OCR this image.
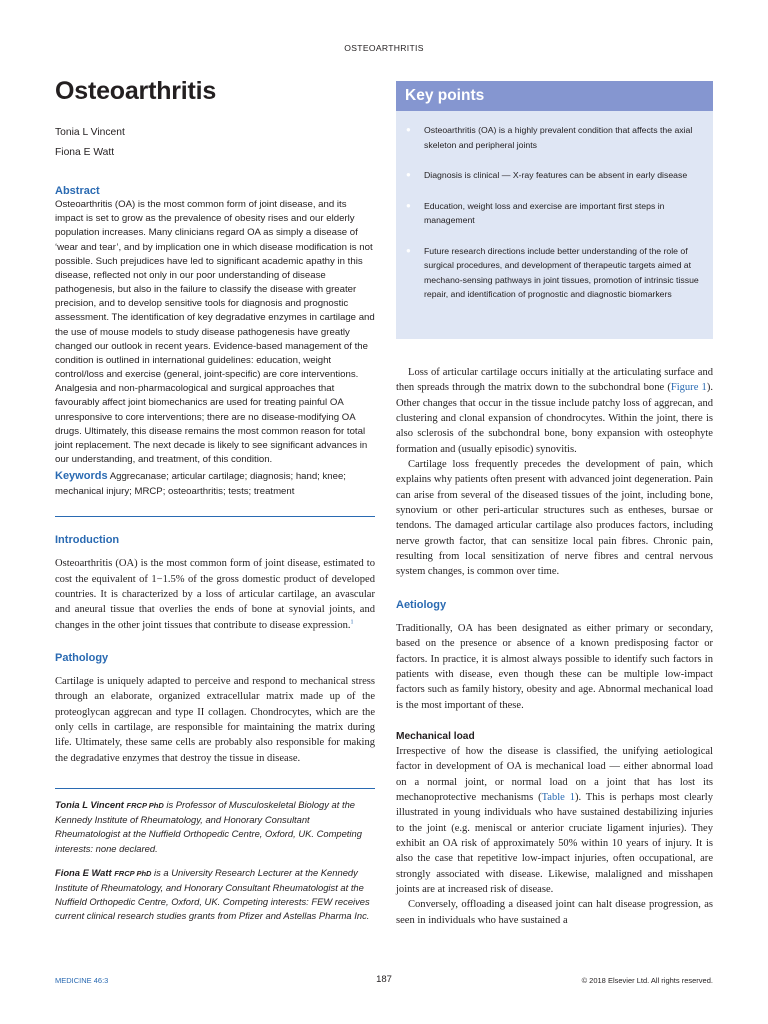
OSTEOARTHRITIS
Osteoarthritis
Tonia L Vincent
Fiona E Watt
Abstract

Osteoarthritis (OA) is the most common form of joint disease, and its impact is set to grow as the prevalence of obesity rises and our elderly population increases. Many clinicians regard OA as simply a disease of ‘wear and tear’, and by implication one in which disease modification is not possible. Such prejudices have led to significant academic apathy in this disease, reflected not only in our poor understanding of disease pathogenesis, but also in the failure to classify the disease with greater precision, and to develop sensitive tools for diagnosis and prognostic assessment. The identification of key degradative enzymes in cartilage and the use of mouse models to study disease pathogenesis have greatly changed our outlook in recent years. Evidence-based management of the condition is outlined in international guidelines: education, weight control/loss and exercise (general, joint-specific) are core interventions. Analgesia and non-pharmacological and surgical approaches that favourably affect joint biomechanics are used for treating painful OA unresponsive to core interventions; there are no disease-modifying OA drugs. Ultimately, this disease remains the most common reason for total joint replacement. The next decade is likely to see significant advances in our understanding, and treatment, of this condition.

Keywords Aggrecanase; articular cartilage; diagnosis; hand; knee; mechanical injury; MRCP; osteoarthritis; tests; treatment

Introduction

Osteoarthritis (OA) is the most common form of joint disease, estimated to cost the equivalent of 1−1.5% of the gross domestic product of developed countries. It is characterized by a loss of articular cartilage, an avascular and aneural tissue that overlies the ends of bone at synovial joints, and changes in the other joint tissues that contribute to disease expression.$^1$

Pathology

Cartilage is uniquely adapted to perceive and respond to mechanical stress through an elaborate, organized extracellular matrix made up of the proteoglycan aggrecan and type II collagen. Chondrocytes, which are the only cells in cartilage, are responsible for maintaining the matrix during life. Ultimately, these same cells are probably also responsible for making the degradative enzymes that destroy the tissue in disease.

Tonia L Vincent FRCP PhD is Professor of Musculoskeletal Biology at the Kennedy Institute of Rheumatology, and Honorary Consultant Rheumatologist at the Nuffield Orthopedic Centre, Oxford, UK. Competing interests: none declared.

Fiona E Watt FRCP PhD is a University Research Lecturer at the Kennedy Institute of Rheumatology, and Honorary Consultant Rheumatologist at the Nuffield Orthopedic Centre, Oxford, UK. Competing interests: FEW receives current clinical research studies grants from Pfizer and Astellas Pharma Inc.

Key points
● Osteoarthritis (OA) is a highly prevalent condition that affects the axial skeleton and peripheral joints
● Diagnosis is clinical — X-ray features can be absent in early disease
● Education, weight loss and exercise are important first steps in management
● Future research directions include better understanding of the role of surgical procedures, and development of therapeutic targets aimed at mechano-sensing pathways in joint tissues, promotion of intrinsic tissue repair, and identification of prognostic and diagnostic biomarkers

Loss of articular cartilage occurs initially at the articulating surface and then spreads through the matrix down to the subchondral bone (Figure 1). Other changes that occur in the tissue include patchy loss of aggrecan, and clustering and clonal expansion of chondrocytes. Within the joint, there is also sclerosis of the subchondral bone, bony expansion with osteophyte formation and (usually episodic) synovitis.

Cartilage loss frequently precedes the development of pain, which explains why patients often present with advanced joint degeneration. Pain can arise from several of the diseased tissues of the joint, including bone, synovium or other peri-articular structures such as entheses, bursae or tendons. The damaged articular cartilage also produces factors, including nerve growth factor, that can sensitize local pain fibres. Chronic pain, resulting from local sensitization of nerve fibres and central nervous system changes, is common over time.

Aetiology

Traditionally, OA has been designated as either primary or secondary, based on the presence or absence of a known predisposing factor or factors. In practice, it is almost always possible to identify such factors in patients with disease, even though these can be multiple low-impact factors such as family history, obesity and age. Abnormal mechanical load is the most important of these.

Mechanical load

Irrespective of how the disease is classified, the unifying aetiological factor in development of OA is mechanical load — either abnormal load on a normal joint, or normal load on a joint that has lost its mechanoprotective mechanisms (Table 1). This is perhaps most clearly illustrated in young individuals who have sustained destabilizing injuries to the joint (e.g. meniscal or anterior cruciate ligament injuries). They exhibit an OA risk of approximately 50% within 10 years of injury. It is also the case that repetitive low-impact injuries, often occupational, are strongly associated with disease. Likewise, malaligned and misshapen joints are at increased risk of disease.

Conversely, offloading a diseased joint can halt disease progression, as seen in individuals who have sustained a

MEDICINE 46:3	187	© 2018 Elsevier Ltd. All rights reserved.
